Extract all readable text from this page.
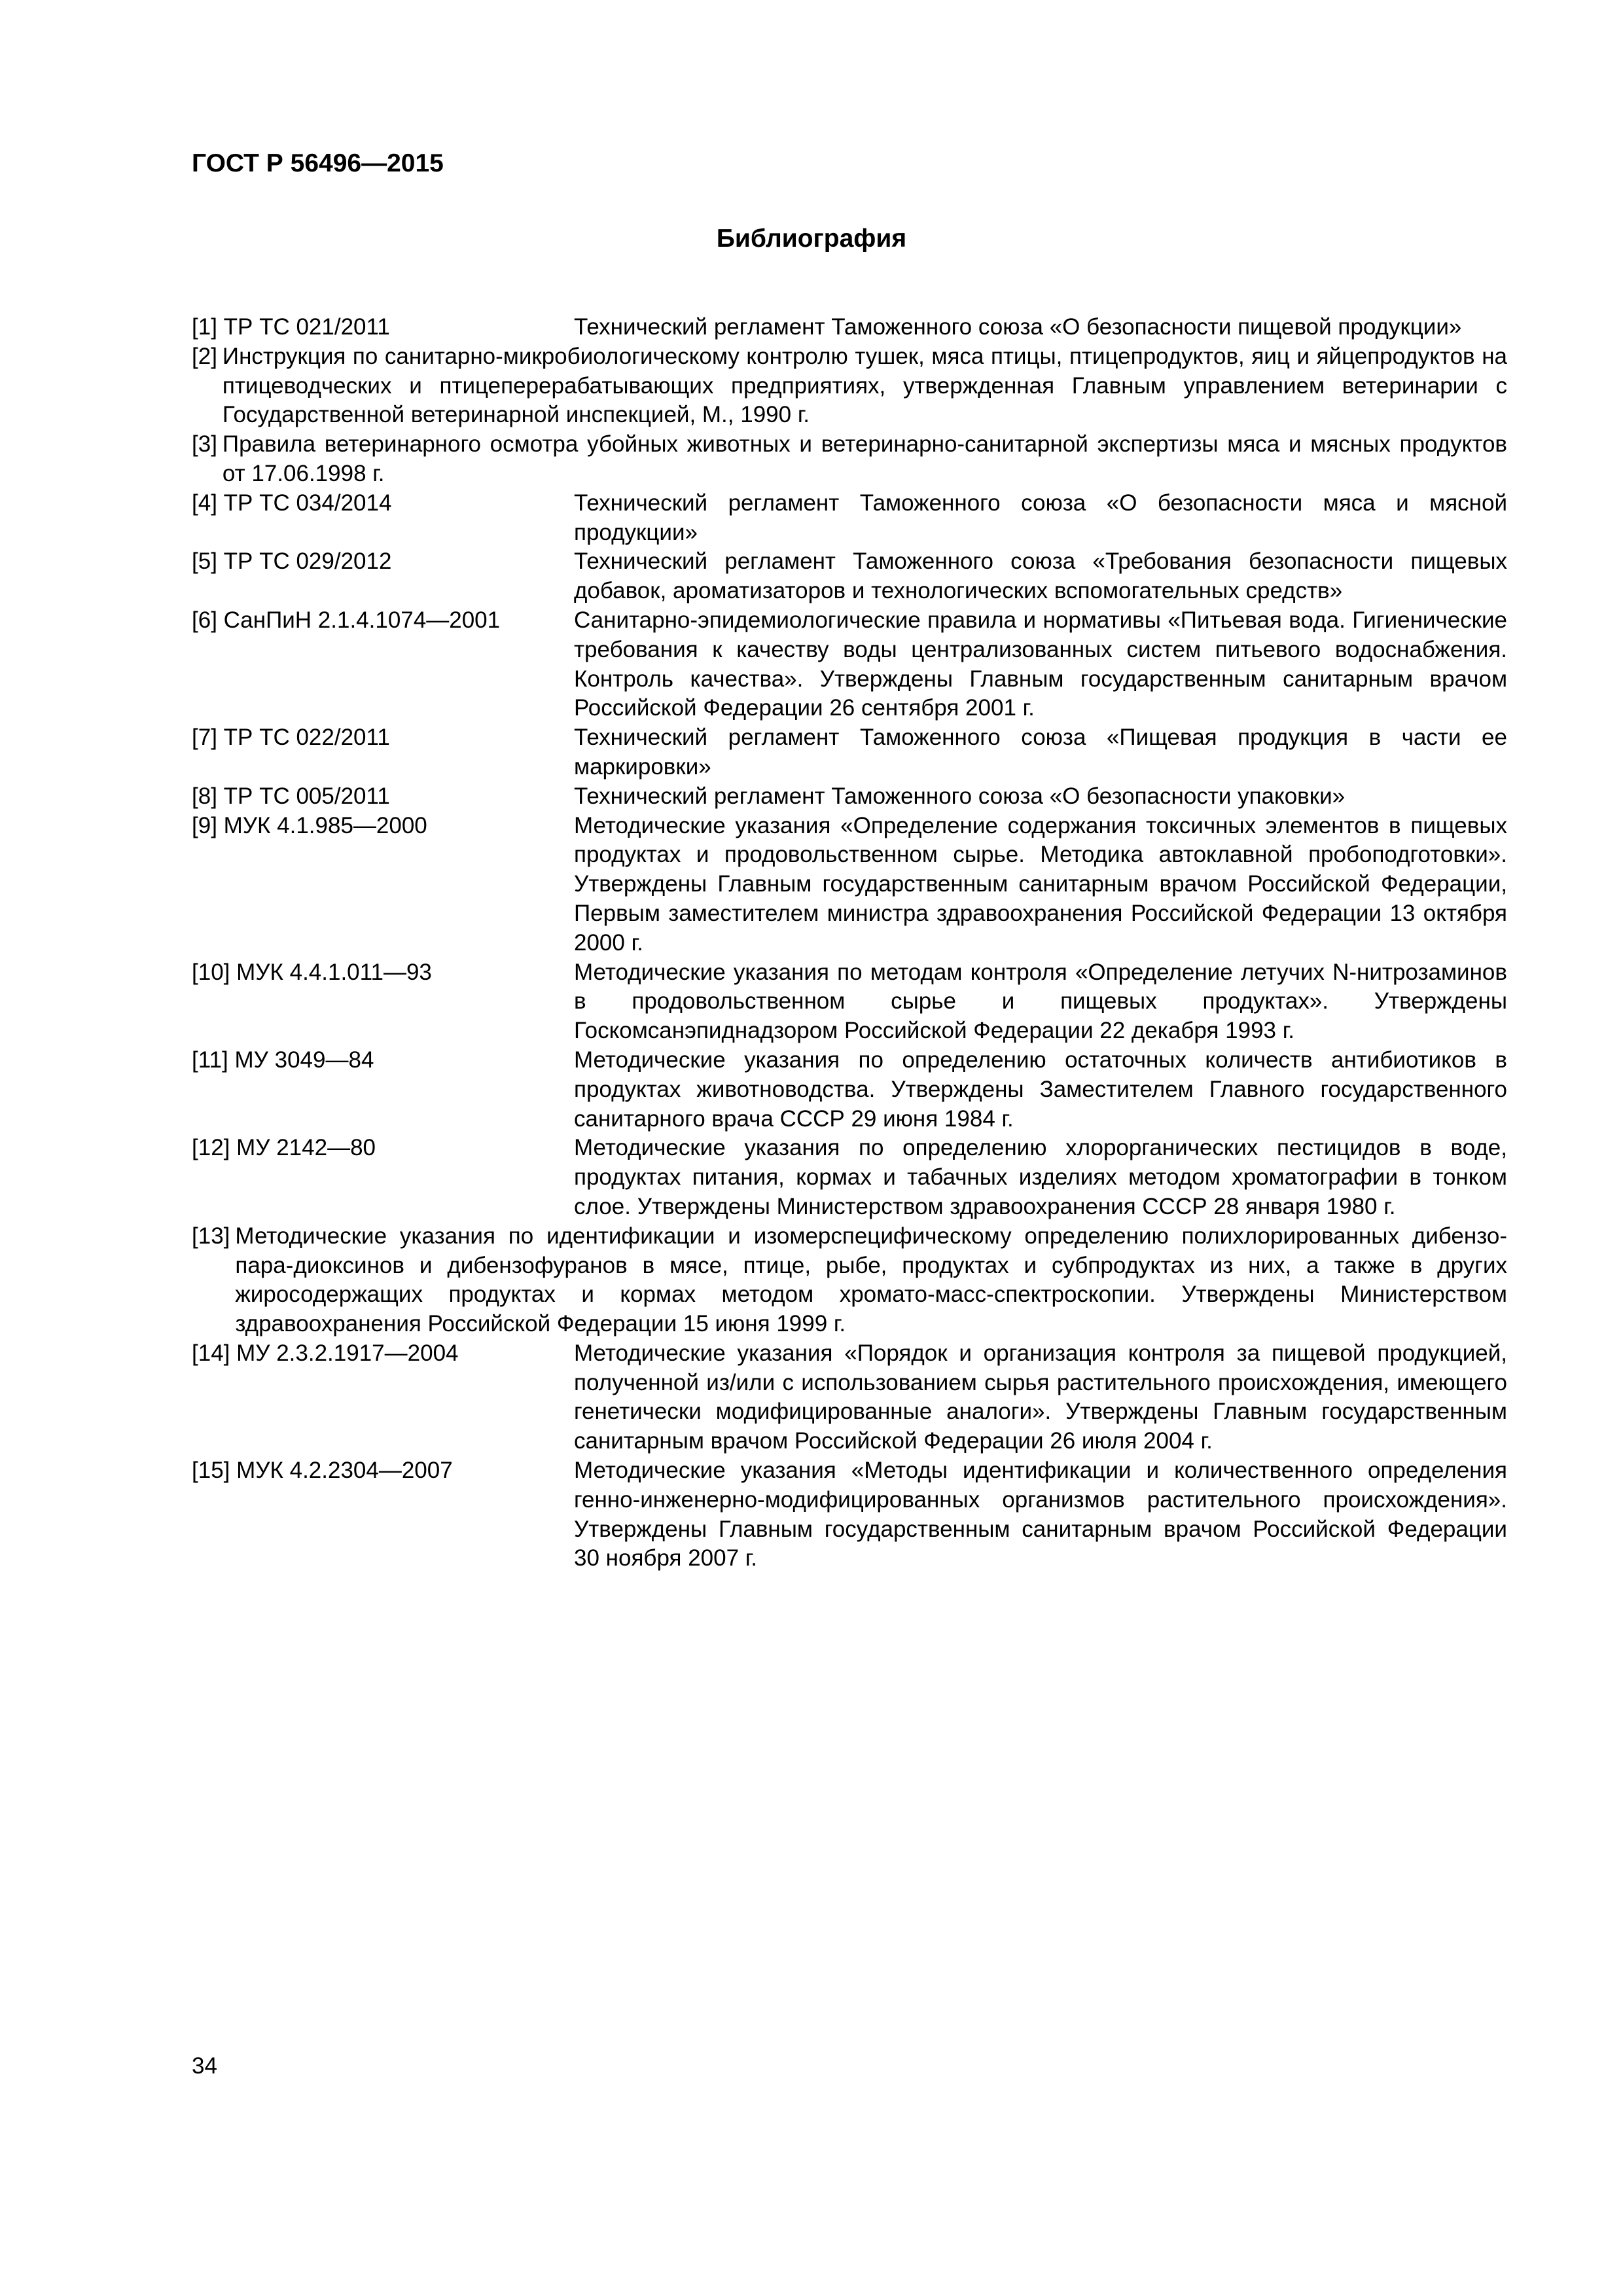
ГОСТ Р 56496—2015
Библиография
[1] ТР ТС 021/2011	Технический регламент Таможенного союза «О безопасности пищевой продукции»
[2] Инструкция по санитарно-микробиологическому контролю тушек, мяса птицы, птицепродуктов, яиц и яйцепродуктов на птицеводческих и птицеперерабатывающих предприятиях, утвержденная Главным управлением ветеринарии с Государственной ветеринарной инспекцией, М., 1990 г.
[3] Правила ветеринарного осмотра убойных животных и ветеринарно-санитарной экспертизы мяса и мясных продуктов от 17.06.1998 г.
[4] ТР ТС 034/2014	Технический регламент Таможенного союза «О безопасности мяса и мясной продукции»
[5] ТР ТС 029/2012	Технический регламент Таможенного союза «Требования безопасности пищевых добавок, ароматизаторов и технологических вспомогательных средств»
[6] СанПиН 2.1.4.1074—2001	Санитарно-эпидемиологические правила и нормативы «Питьевая вода. Гигиенические требования к качеству воды централизованных систем питьевого водоснабжения. Контроль качества». Утверждены Главным государственным санитарным врачом Российской Федерации 26 сентября 2001 г.
[7] ТР ТС 022/2011	Технический регламент Таможенного союза «Пищевая продукция в части ее маркировки»
[8] ТР ТС 005/2011	Технический регламент Таможенного союза «О безопасности упаковки»
[9] МУК 4.1.985—2000	Методические указания «Определение содержания токсичных элементов в пищевых продуктах и продовольственном сырье. Методика автоклавной пробоподготовки». Утверждены Главным государственным санитарным врачом Российской Федерации, Первым заместителем министра здравоохранения Российской Федерации 13 октября 2000 г.
[10] МУК 4.4.1.011—93	Методические указания по методам контроля «Определение летучих N-нитрозаминов в продовольственном сырье и пищевых продуктах». Утверждены Госкомсанэпиднадзором Российской Федерации 22 декабря 1993 г.
[11] МУ 3049—84	Методические указания по определению остаточных количеств антибиотиков в продуктах животноводства. Утверждены Заместителем Главного государственного санитарного врача СССР 29 июня 1984 г.
[12] МУ 2142—80	Методические указания по определению хлорорганических пестицидов в воде, продуктах питания, кормах и табачных изделиях методом хроматографии в тонком слое. Утверждены Министерством здравоохранения СССР 28 января 1980 г.
[13] Методические указания по идентификации и изомерспецифическому определению полихлорированных дибензо-пара-диоксинов и дибензофуранов в мясе, птице, рыбе, продуктах и субпродуктах из них, а также в других жиросодержащих продуктах и кормах методом хромато-масс-спектроскопии. Утверждены Министерством здравоохранения Российской Федерации 15 июня 1999 г.
[14] МУ 2.3.2.1917—2004	Методические указания «Порядок и организация контроля за пищевой продукцией, полученной из/или с использованием сырья растительного происхождения, имеющего генетически модифицированные аналоги». Утверждены Главным государственным санитарным врачом Российской Федерации 26 июля 2004 г.
[15] МУК 4.2.2304—2007	Методические указания «Методы идентификации и количественного определения генно-инженерно-модифицированных организмов растительного происхождения». Утверждены Главным государственным санитарным врачом Российской Федерации 30 ноября 2007 г.
34
